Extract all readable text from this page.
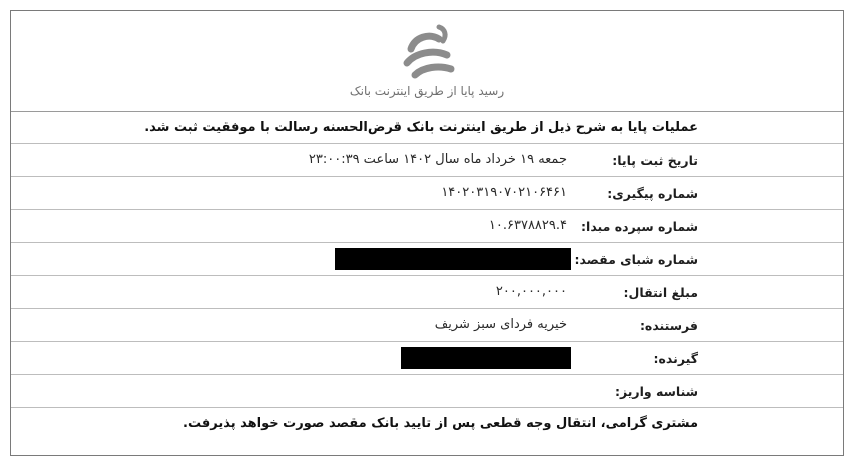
رسید پایا از طریق اینترنت بانک
عملیات پایا به شرح ذیل از طریق اینترنت بانک قرض‌الحسنه رسالت با موفقیت ثبت شد.
تاریخ ثبت پایا:
جمعه ۱۹ خرداد ماه سال ۱۴۰۲ ساعت ۲۳:۰۰:۳۹
شماره پیگیری:
۱۴۰۲۰۳۱۹۰۷۰۲۱۰۶۴۶۱
شماره سپرده مبدا:
۱۰.۶۳۷۸۸۲۹.۴
شماره شبای مقصد:
مبلغ انتقال:
۲۰۰,۰۰۰,۰۰۰
فرستنده:
خیریه فردای سبز شریف
گیرنده:
شناسه واریز:
مشتری گرامی، انتقال وجه قطعی پس از تایید بانک مقصد صورت خواهد پذیرفت.
